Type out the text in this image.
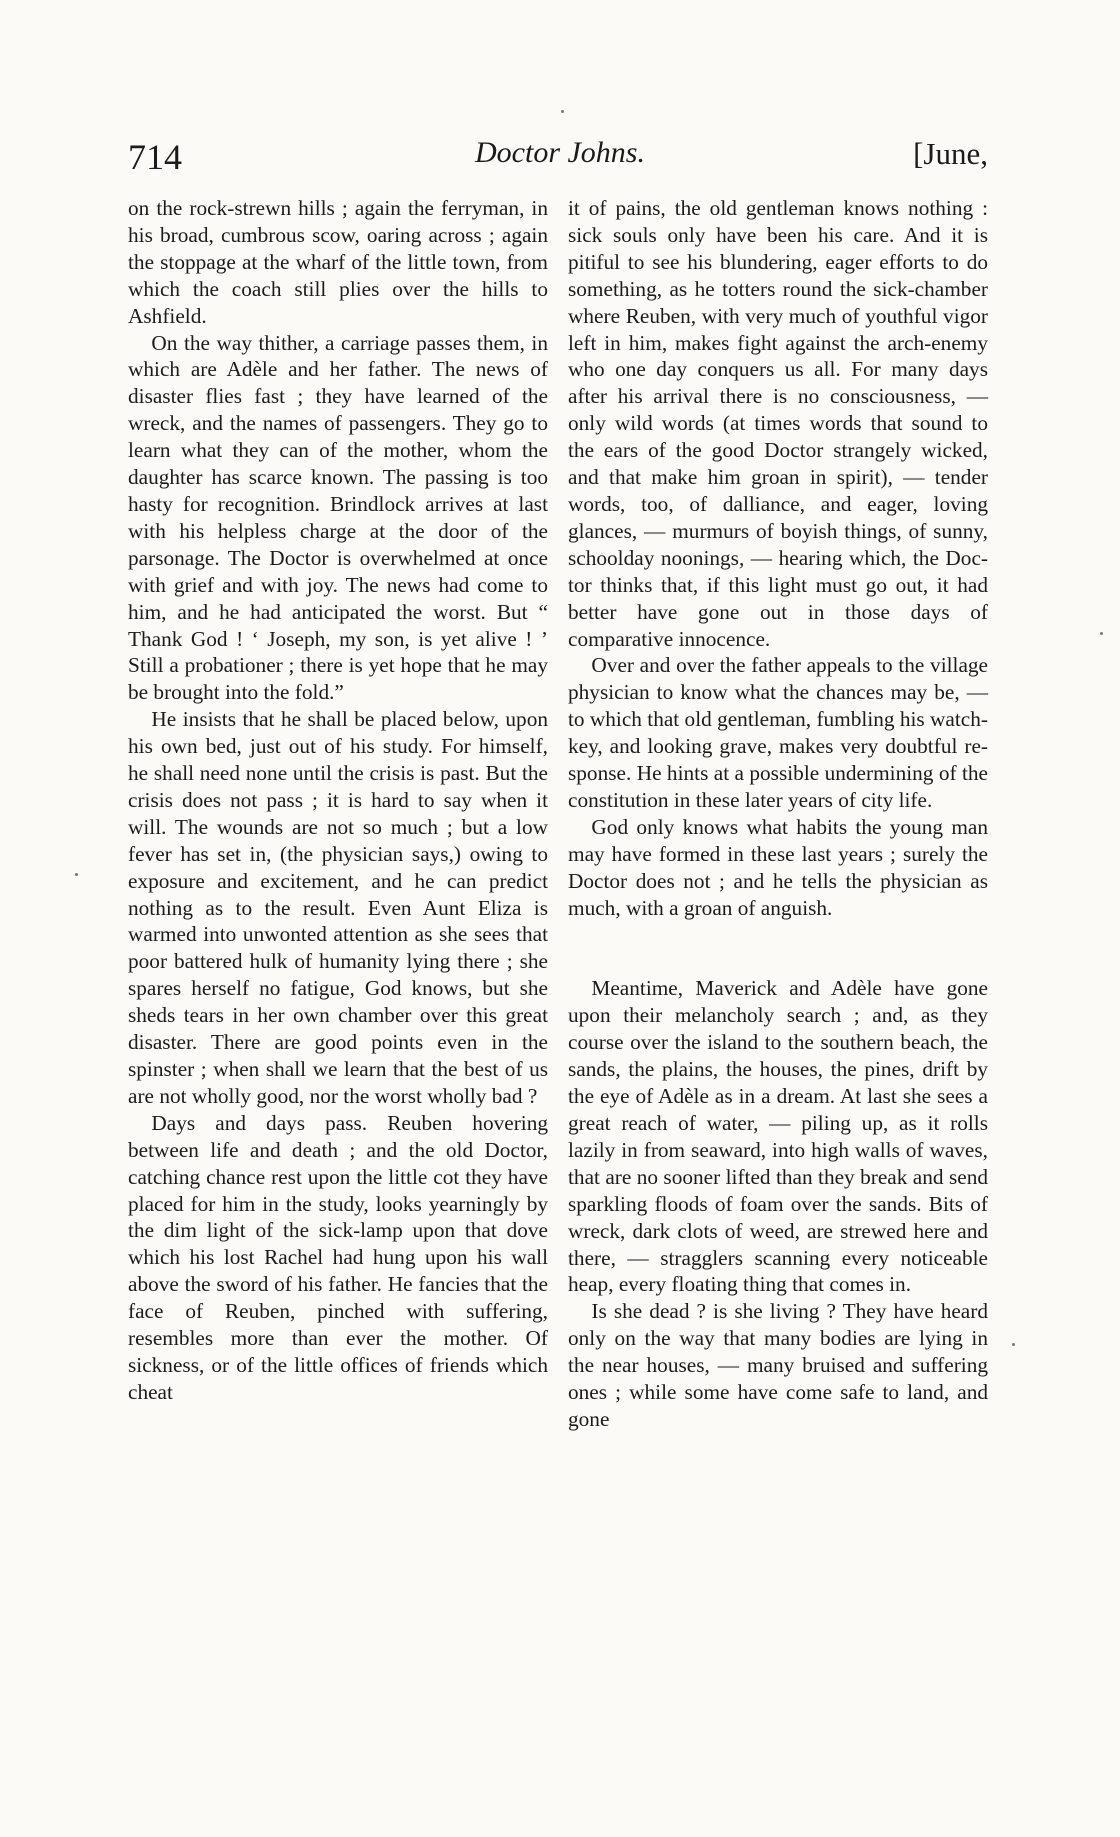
714	Doctor Johns.	[June,

on the rock-strewn hills ; again the ferryman, in his broad, cumbrous scow, oaring across ; again the stoppage at the wharf of the little town, from which the coach still plies over the hills to Ashfield.

On the way thither, a carriage passes them, in which are Adèle and her father. The news of disaster flies fast ; they have learned of the wreck, and the names of passengers. They go to learn what they can of the mother, whom the daughter has scarce known. The passing is too hasty for recognition. Brindlock arrives at last with his helpless charge at the door of the parsonage. The Doctor is overwhelmed at once with grief and with joy. The news had come to him, and he had anticipated the worst. But “ Thank God ! ‘ Joseph, my son, is yet alive ! ’ Still a probationer ; there is yet hope that he may be brought into the fold.”

He insists that he shall be placed below, upon his own bed, just out of his study. For himself, he shall need none until the crisis is past. But the crisis does not pass ; it is hard to say when it will. The wounds are not so much ; but a low fever has set in, (the physician says,) owing to exposure and excitement, and he can predict nothing as to the result. Even Aunt Eliza is warmed into unwonted attention as she sees that poor battered hulk of humanity lying there ; she spares herself no fatigue, God knows, but she sheds tears in her own chamber over this great disaster. There are good points even in the spinster ; when shall we learn that the best of us are not wholly good, nor the worst wholly bad ?

Days and days pass. Reuben hovering between life and death ; and the old Doctor, catching chance rest upon the little cot they have placed for him in the study, looks yearningly by the dim light of the sick-lamp upon that dove which his lost Rachel had hung upon his wall above the sword of his father. He fancies that the face of Reuben, pinched with suffering, resembles more than ever the mother. Of sickness, or of the little offices of friends which cheat

it of pains, the old gentleman knows nothing : sick souls only have been his care. And it is pitiful to see his blundering, eager efforts to do something, as he totters round the sick-chamber where Reuben, with very much of youthful vigor left in him, makes fight against the arch-enemy who one day conquers us all. For many days after his arrival there is no consciousness, — only wild words (at times words that sound to the ears of the good Doctor strangely wicked, and that make him groan in spirit), — tender words, too, of dalliance, and eager, loving glances, — murmurs of boyish things, of sunny, schoolday noonings, — hearing which, the Doctor thinks that, if this light must go out, it had better have gone out in those days of comparative innocence.

Over and over the father appeals to the village physician to know what the chances may be, — to which that old gentleman, fumbling his watch-key, and looking grave, makes very doubtful response. He hints at a possible undermining of the constitution in these later years of city life.

God only knows what habits the young man may have formed in these last years ; surely the Doctor does not ; and he tells the physician as much, with a groan of anguish.

Meantime, Maverick and Adèle have gone upon their melancholy search ; and, as they course over the island to the southern beach, the sands, the plains, the houses, the pines, drift by the eye of Adèle as in a dream. At last she sees a great reach of water, — piling up, as it rolls lazily in from seaward, into high walls of waves, that are no sooner lifted than they break and send sparkling floods of foam over the sands. Bits of wreck, dark clots of weed, are strewed here and there, — stragglers scanning every noticeable heap, every floating thing that comes in.

Is she dead ? is she living ? They have heard only on the way that many bodies are lying in the near houses, — many bruised and suffering ones ; while some have come safe to land, and gone
